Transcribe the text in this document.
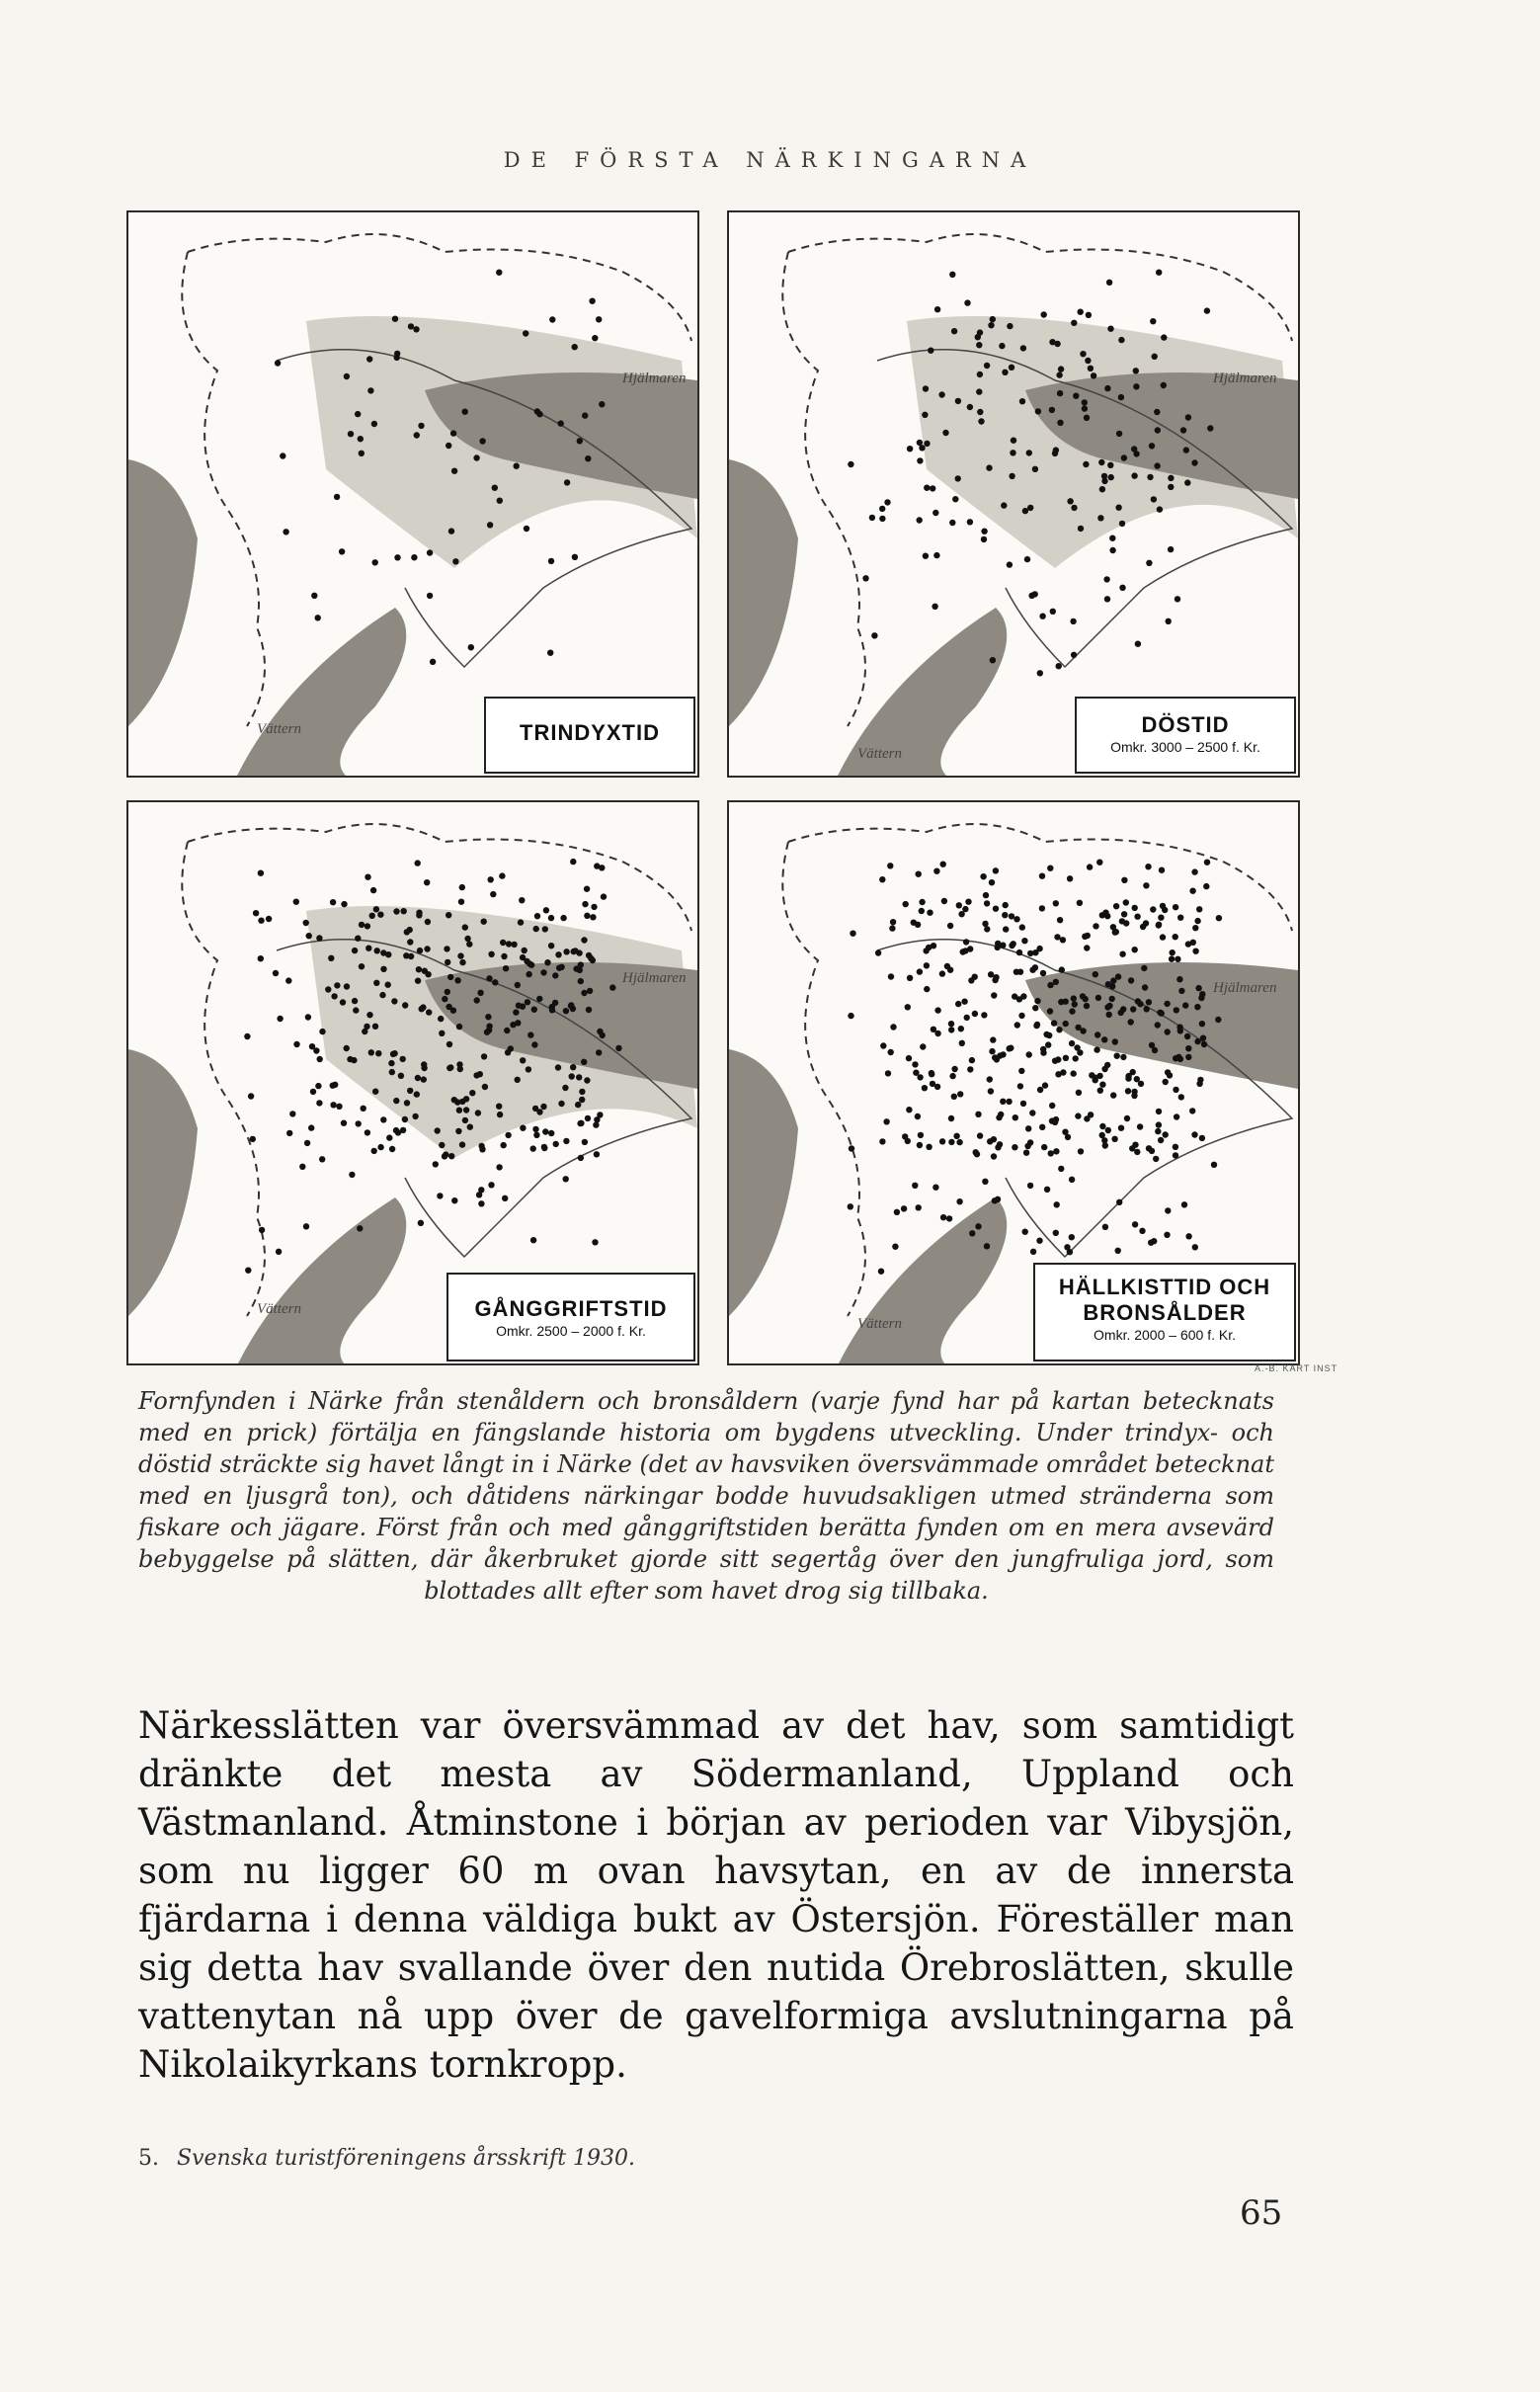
DE FÖRSTA NÄRKINGARNA
Hjälmaren
Vättern	TRINDYXTID
Hjälmaren
Vättern
DÖSTID
Omkr. 3000 – 2500 f. Kr.
Hjälmaren
Vättern	GÅNGGRIFTSTID
Omkr. 2500 – 2000 f. Kr.
Hjälmaren
Vättern
HÄLLKISTTID OCH BRONSÅLDER
Omkr. 2000 – 600 f. Kr.
A.-B. KART INST
Fornfynden i Närke från stenåldern och bronsåldern (varje fynd har på kartan betecknats med en prick) förtälja en fängslande historia om bygdens utveckling. Under trindyx- och döstid sträckte sig havet långt in i Närke (det av havsviken översvämmade området betecknat med en ljusgrå ton), och dåtidens närkingar bodde huvudsakligen utmed stränderna som fiskare och jägare. Först från och med gånggriftstiden berätta fynden om en mera avsevärd bebyggelse på slätten, där åkerbruket gjorde sitt segertåg över den jungfruliga jord, som blottades allt efter som havet drog sig tillbaka.
Närkesslätten var översvämmad av det hav, som samtidigt dränkte det mesta av Södermanland, Uppland och Västmanland. Åtminstone i början av perioden var Vibysjön, som nu ligger 60 m ovan havsytan, en av de innersta fjärdarna i denna väldiga bukt av Östersjön. Föreställer man sig detta hav svallande över den nutida Örebroslätten, skulle vattenytan nå upp över de gavelformiga avslutningarna på Nikolaikyrkans tornkropp.
5. Svenska turistföreningens årsskrift 1930.
65
